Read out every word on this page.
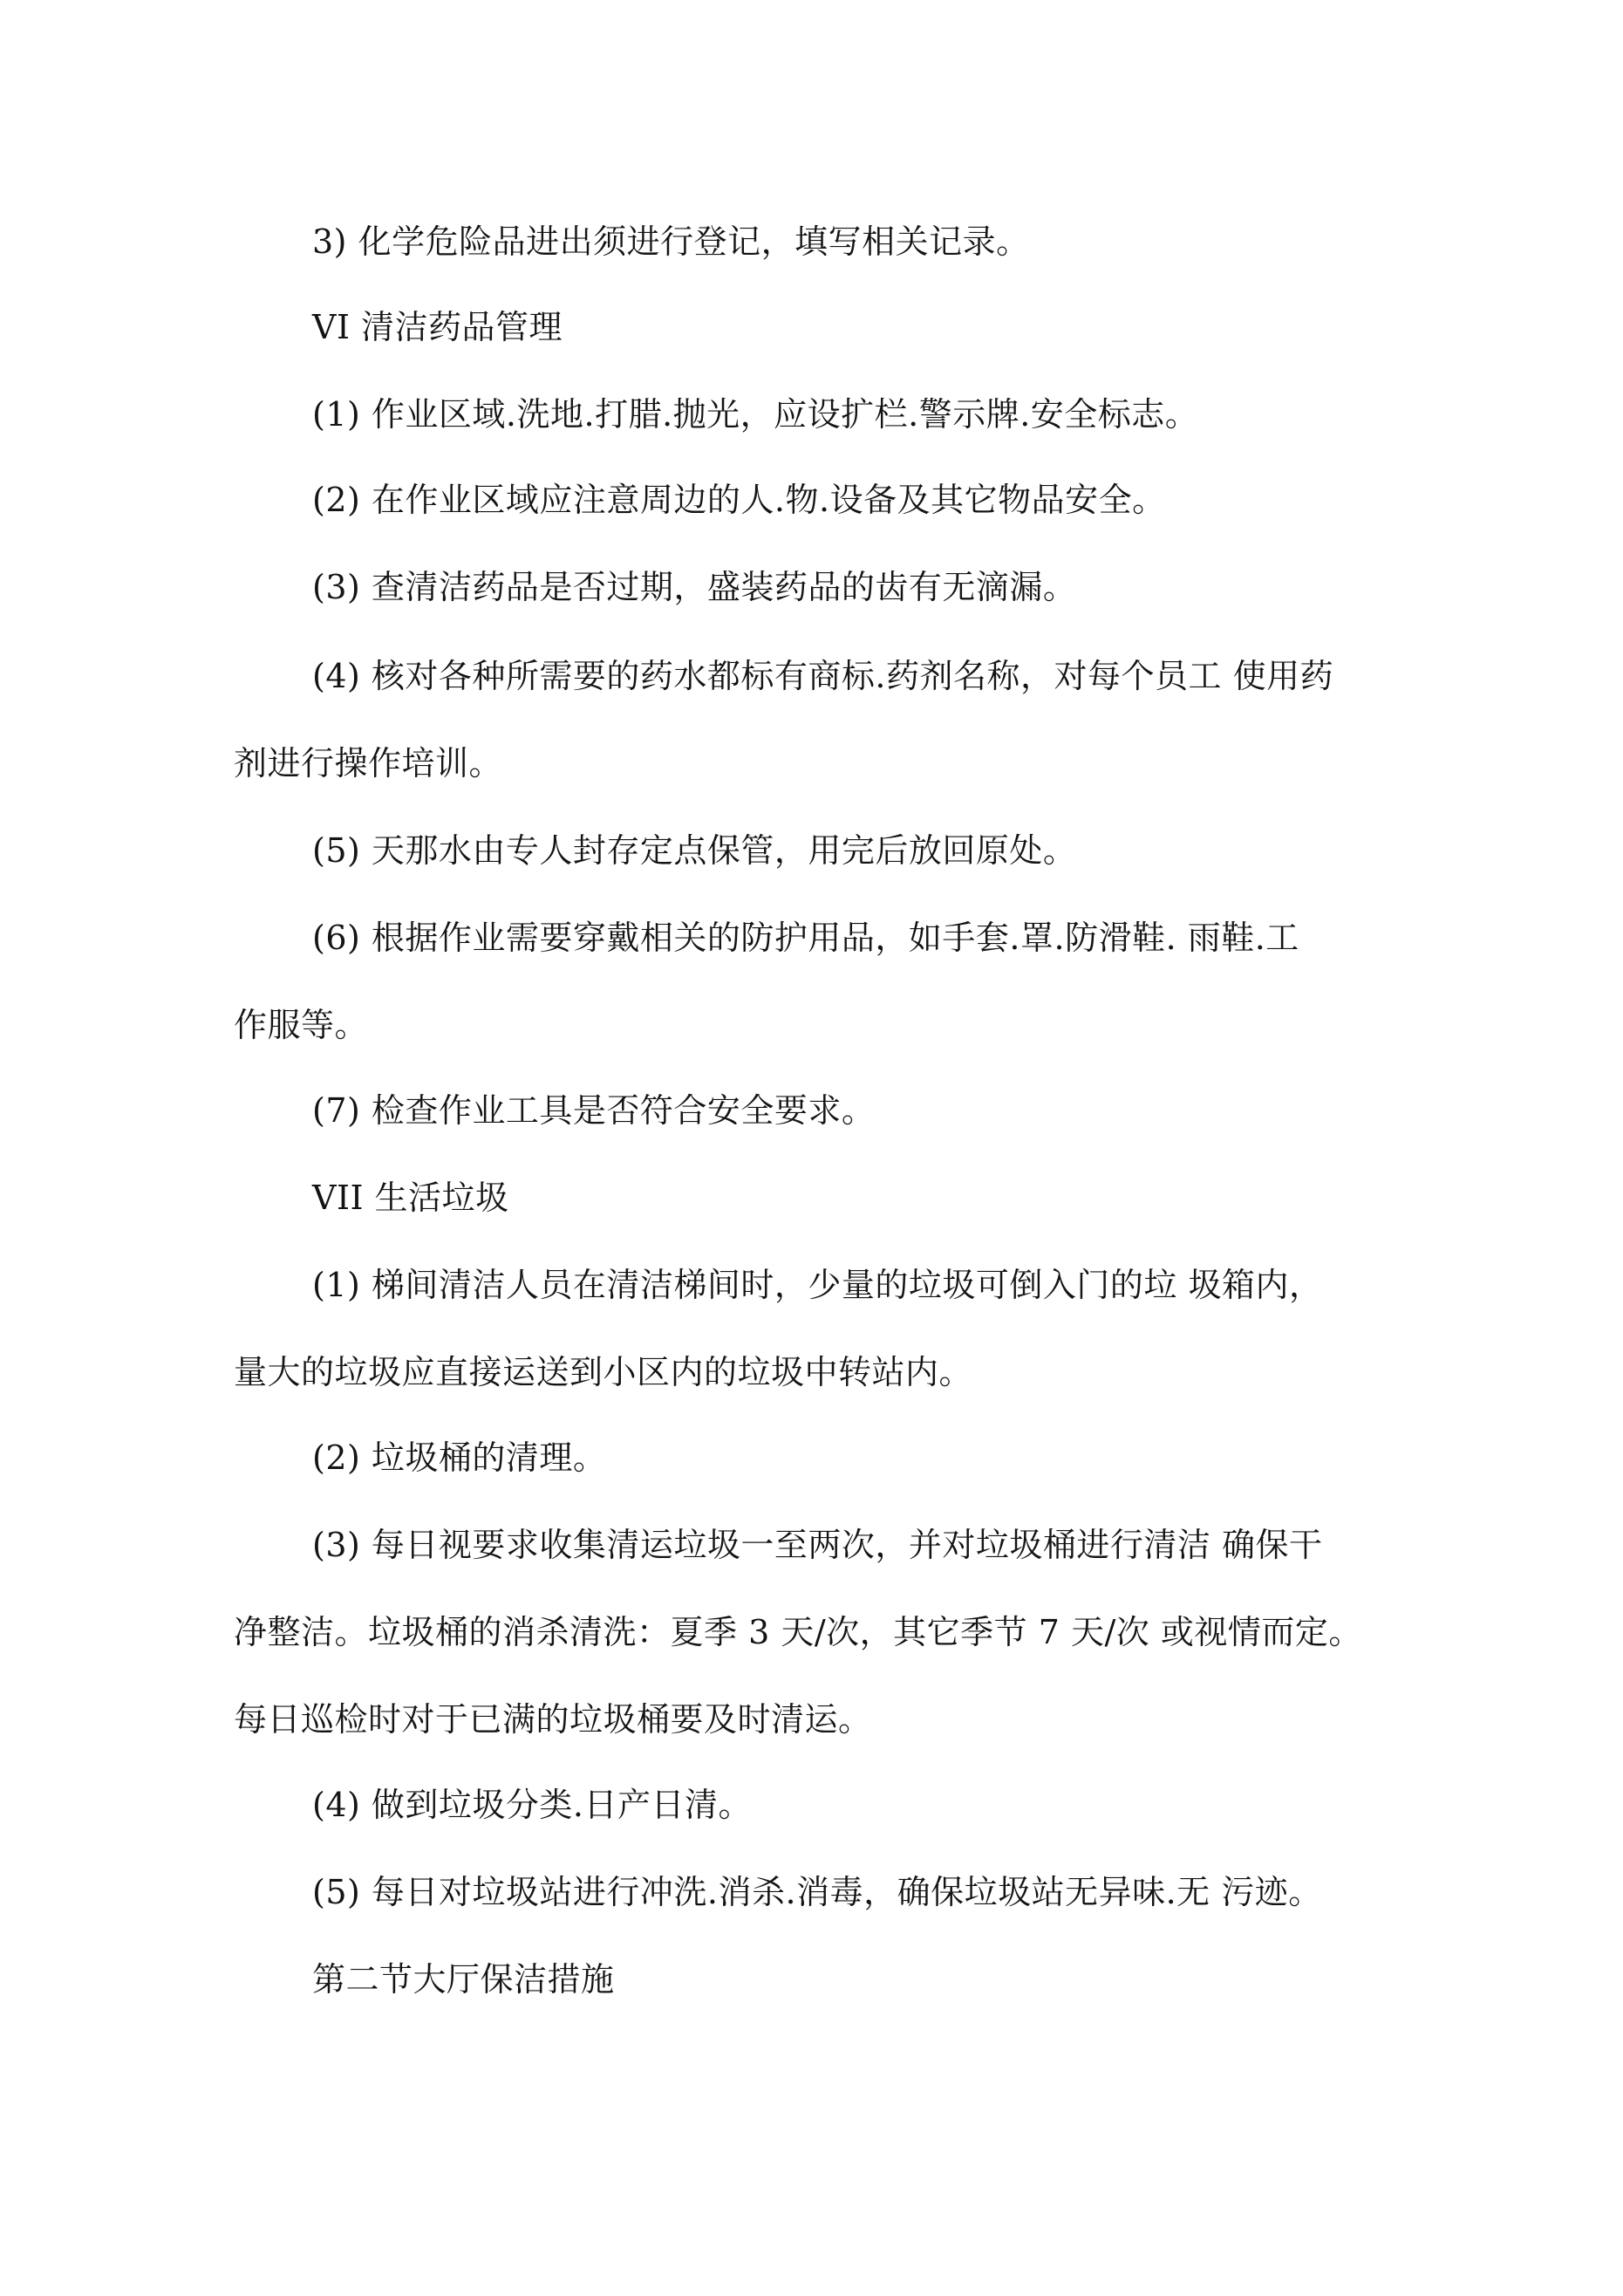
3) 化学危险品进出须进行登记，填写相关记录。
VI 清洁药品管理
(1) 作业区域.洗地.打腊.抛光，应设扩栏.警示牌.安全标志。
(2) 在作业区域应注意周边的人.物.设备及其它物品安全。
(3) 查清洁药品是否过期，盛装药品的齿有无滴漏。
(4) 核对各种所需要的药水都标有商标.药剂名称，对每个员工 使用药
剂进行操作培训。
(5) 天那水由专人封存定点保管，用完后放回原处。
(6) 根据作业需要穿戴相关的防护用品，如手套.罩.防滑鞋. 雨鞋.工
作服等。
(7) 检查作业工具是否符合安全要求。
VII 生活垃圾
(1) 梯间清洁人员在清洁梯间时，少量的垃圾可倒入门的垃 圾箱内，
量大的垃圾应直接运送到小区内的垃圾中转站内。
(2) 垃圾桶的清理。
(3) 每日视要求收集清运垃圾一至两次，并对垃圾桶进行清洁 确保干
净整洁。垃圾桶的消杀清洗：夏季 3 天/次，其它季节 7 天/次 或视情而定。
每日巡检时对于已满的垃圾桶要及时清运。
(4) 做到垃圾分类.日产日清。
(5) 每日对垃圾站进行冲洗.消杀.消毒，确保垃圾站无异味.无 污迹。
第二节大厅保洁措施
